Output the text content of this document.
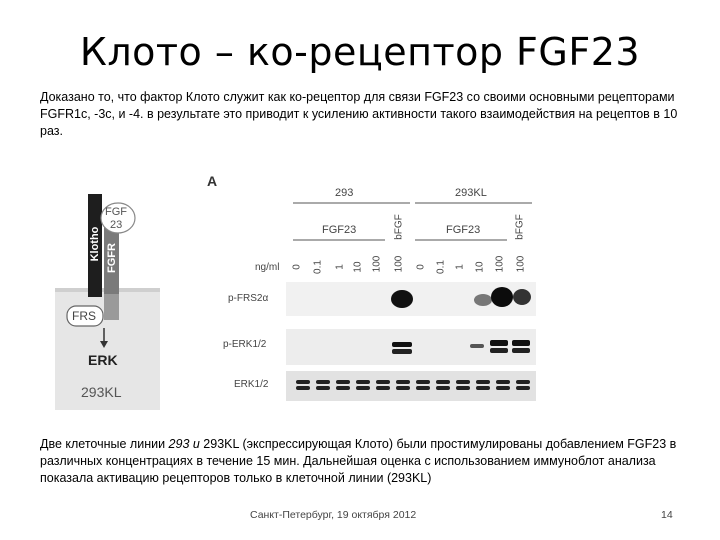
Клото – ко-рецептор FGF23
Доказано то, что фактор Клото служит как ко-рецептор для связи FGF23 со своими основными рецепторами FGFR1c, -3c, и -4. в результате это приводит к усилению активности такого взаимодействия на рецептов в 10 раз.
A
Klotho FGFR
FGF
23
FRS
ERK
293KL
293	293KL
FGF23	FGF23
bFGF	bFGF
ng/ml 0 0.1 1 10 100 100 0 0.1 1 10 100 100
p-FRS2α
p-ERK1/2
ERK1/2
Две клеточные линии 293 и 293KL (экспрессирующая Клото) были простимулированы добавлением FGF23 в различных концентрациях в течение 15 мин. Дальнейшая оценка с использованием иммуноблот анализа показала активацию рецепторов только в клеточной линии (293KL)
Санкт-Петербург, 19 октября 2012	14
